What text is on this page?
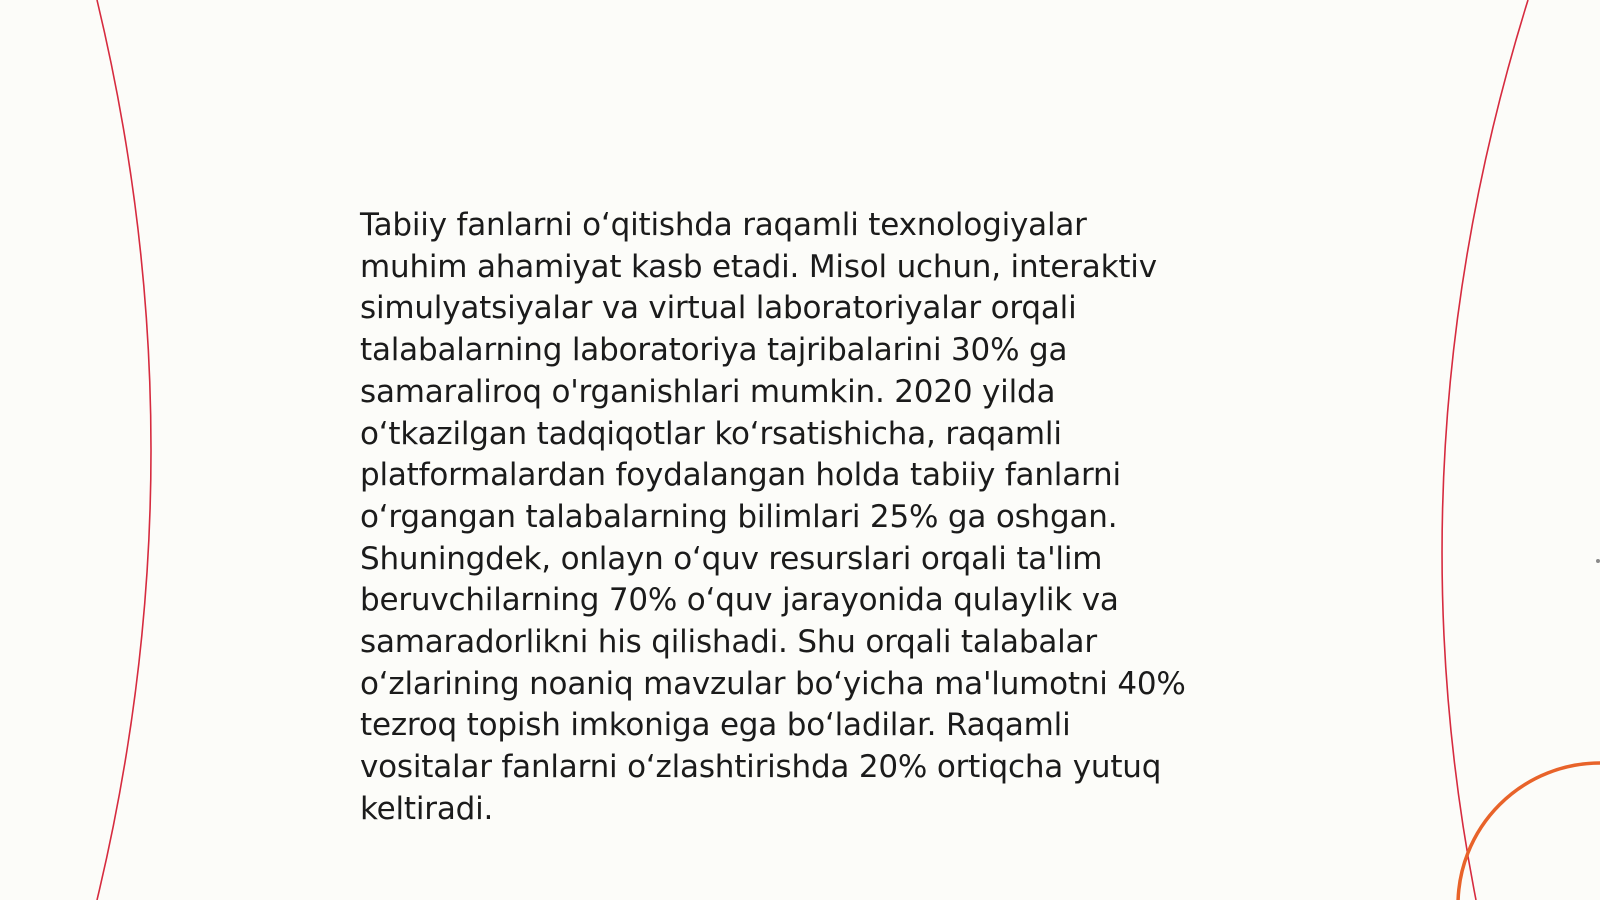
Tabiiy fanlarni o‘qitishda raqamli texnologiyalar
muhim ahamiyat kasb etadi. Misol uchun, interaktiv
simulyatsiyalar va virtual laboratoriyalar orqali
talabalarning laboratoriya tajribalarini 30% ga
samaraliroq o'rganishlari mumkin. 2020 yilda
o‘tkazilgan tadqiqotlar ko‘rsatishicha, raqamli
platformalardan foydalangan holda tabiiy fanlarni
o‘rgangan talabalarning bilimlari 25% ga oshgan.
Shuningdek, onlayn o‘quv resurslari orqali ta'lim
beruvchilarning 70% o‘quv jarayonida qulaylik va
samaradorlikni his qilishadi. Shu orqali talabalar
o‘zlarining noaniq mavzular bo‘yicha ma'lumotni 40%
tezroq topish imkoniga ega bo‘ladilar. Raqamli
vositalar fanlarni o‘zlashtirishda 20% ortiqcha yutuq
keltiradi.
